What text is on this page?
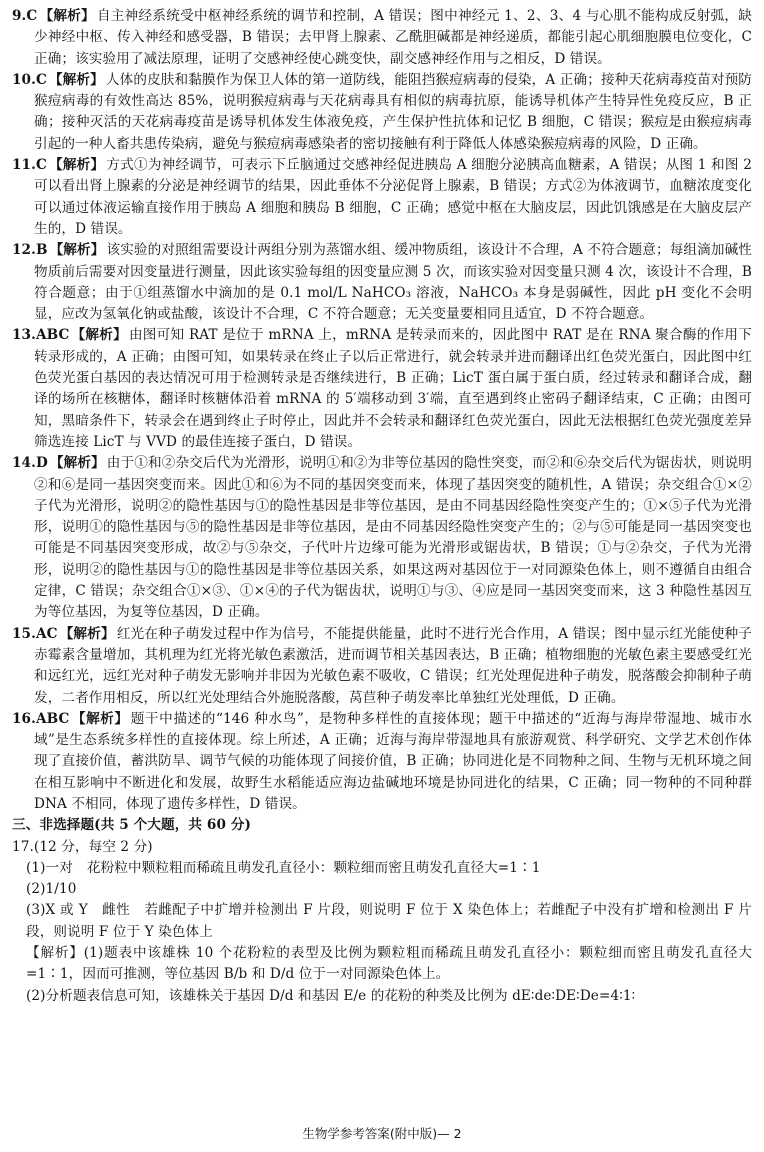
9.C 【解析】 自主神经系统受中枢神经系统的调节和控制，A 错误；图中神经元 1、2、3、4 与心肌不能构成反射弧，缺少神经中枢、传入神经和感受器，B 错误；去甲肾上腺素、乙酰胆碱都是神经递质，都能引起心肌细胞膜电位变化，C 正确；该实验用了减法原理，证明了交感神经使心跳变快，副交感神经作用与之相反，D 错误。

10.C 【解析】 人体的皮肤和黏膜作为保卫人体的第一道防线，能阻挡猴痘病毒的侵染，A 正确；接种天花病毒疫苗对预防猴痘病毒的有效性高达 85%，说明猴痘病毒与天花病毒具有相似的病毒抗原，能诱导机体产生特异性免疫反应，B 正确；接种灭活的天花病毒疫苗是诱导机体发生体液免疫，产生保护性抗体和记忆 B 细胞，C 错误；猴痘是由猴痘病毒引起的一种人畜共患传染病，避免与猴痘病毒感染者的密切接触有利于降低人体感染猴痘病毒的风险，D 正确。

11.C 【解析】 方式①为神经调节，可表示下丘脑通过交感神经促进胰岛 A 细胞分泌胰高血糖素，A 错误；从图 1 和图 2 可以看出肾上腺素的分泌是神经调节的结果，因此垂体不分泌促肾上腺素，B 错误；方式②为体液调节，血糖浓度变化可以通过体液运输直接作用于胰岛 A 细胞和胰岛 B 细胞，C 正确；感觉中枢在大脑皮层，因此饥饿感是在大脑皮层产生的，D 错误。

12.B 【解析】 该实验的对照组需要设计两组分别为蒸馏水组、缓冲物质组，该设计不合理，A 不符合题意；每组滴加碱性物质前后需要对因变量进行测量，因此该实验每组的因变量应测 5 次，而该实验对因变量只测 4 次，该设计不合理，B 符合题意；由于①组蒸馏水中滴加的是 0.1 mol/L NaHCO₃ 溶液，NaHCO₃ 本身是弱碱性，因此 pH 变化不会明显，应改为氢氧化钠或盐酸，该设计不合理，C 不符合题意；无关变量要相同且适宜，D 不符合题意。

13.ABC 【解析】 由图可知 RAT 是位于 mRNA 上，mRNA 是转录而来的，因此图中 RAT 是在 RNA 聚合酶的作用下转录形成的，A 正确；由图可知，如果转录在终止子以后正常进行，就会转录并进而翻译出红色荧光蛋白，因此图中红色荧光蛋白基因的表达情况可用于检测转录是否继续进行，B 正确；LicT 蛋白属于蛋白质，经过转录和翻译合成，翻译的场所在核糖体，翻译时核糖体沿着 mRNA 的 5′端移动到 3′端，直至遇到终止密码子翻译结束，C 正确；由图可知，黑暗条件下，转录会在遇到终止子时停止，因此并不会转录和翻译红色荧光蛋白，因此无法根据红色荧光强度差异筛选连接 LicT 与 VVD 的最佳连接子蛋白，D 错误。

14.D 【解析】 由于①和②杂交后代为光滑形，说明①和②为非等位基因的隐性突变，而②和⑥杂交后代为锯齿状，则说明②和⑥是同一基因突变而来。因此①和⑥为不同的基因突变而来，体现了基因突变的随机性，A 错误；杂交组合①×②子代为光滑形，说明②的隐性基因与①的隐性基因是非等位基因，是由不同基因经隐性突变产生的；①×⑤子代为光滑形，说明①的隐性基因与⑤的隐性基因是非等位基因，是由不同基因经隐性突变产生的；②与⑤可能是同一基因突变也可能是不同基因突变形成，故②与⑤杂交，子代叶片边缘可能为光滑形或锯齿状，B 错误；①与②杂交，子代为光滑形，说明②的隐性基因与①的隐性基因是非等位基因关系，如果这两对基因位于一对同源染色体上，则不遵循自由组合定律，C 错误；杂交组合①×③、①×④的子代为锯齿状，说明①与③、④应是同一基因突变而来，这 3 种隐性基因互为等位基因，为复等位基因，D 正确。

15.AC 【解析】 红光在种子萌发过程中作为信号，不能提供能量，此时不进行光合作用，A 错误；图中显示红光能使种子赤霉素含量增加，其机理为红光将光敏色素激活，进而调节相关基因表达，B 正确；植物细胞的光敏色素主要感受红光和远红光，远红光对种子萌发无影响并非因为光敏色素不吸收，C 错误；红光处理促进种子萌发，脱落酸会抑制种子萌发，二者作用相反，所以红光处理结合外施脱落酸，莴苣种子萌发率比单独红光处理低，D 正确。

16.ABC 【解析】 题干中描述的“146 种水鸟”，是物种多样性的直接体现；题干中描述的“近海与海岸带湿地、城市水域”是生态系统多样性的直接体现。综上所述，A 正确；近海与海岸带湿地具有旅游观赏、科学研究、文学艺术创作体现了直接价值，蓄洪防旱、调节气候的功能体现了间接价值，B 正确；协同进化是不同物种之间、生物与无机环境之间在相互影响中不断进化和发展，故野生水稻能适应海边盐碱地环境是协同进化的结果，C 正确；同一物种的不同种群 DNA 不相同，体现了遗传多样性，D 错误。

三、非选择题(共 5 个大题，共 60 分)

17.(12 分，每空 2 分)

(1)一对 花粉粒中颗粒粗而稀疏且萌发孔直径小：颗粒细而密且萌发孔直径大=1∶1

(2)1/10

(3)X 或 Y 雌性 若雌配子中扩增并检测出 F 片段，则说明 F 位于 X 染色体上；若雌配子中没有扩增和检测出 F 片段，则说明 F 位于 Y 染色体上

【解析】(1)题表中该雄株 10 个花粉粒的表型及比例为颗粒粗而稀疏且萌发孔直径小：颗粒细而密且萌发孔直径大=1∶1，因而可推测，等位基因 B/b 和 D/d 位于一对同源染色体上。

(2)分析题表信息可知，该雄株关于基因 D/d 和基因 E/e 的花粉的种类及比例为 dE∶de∶DE∶De=4∶1∶

生物学参考答案(附中版)— 2
